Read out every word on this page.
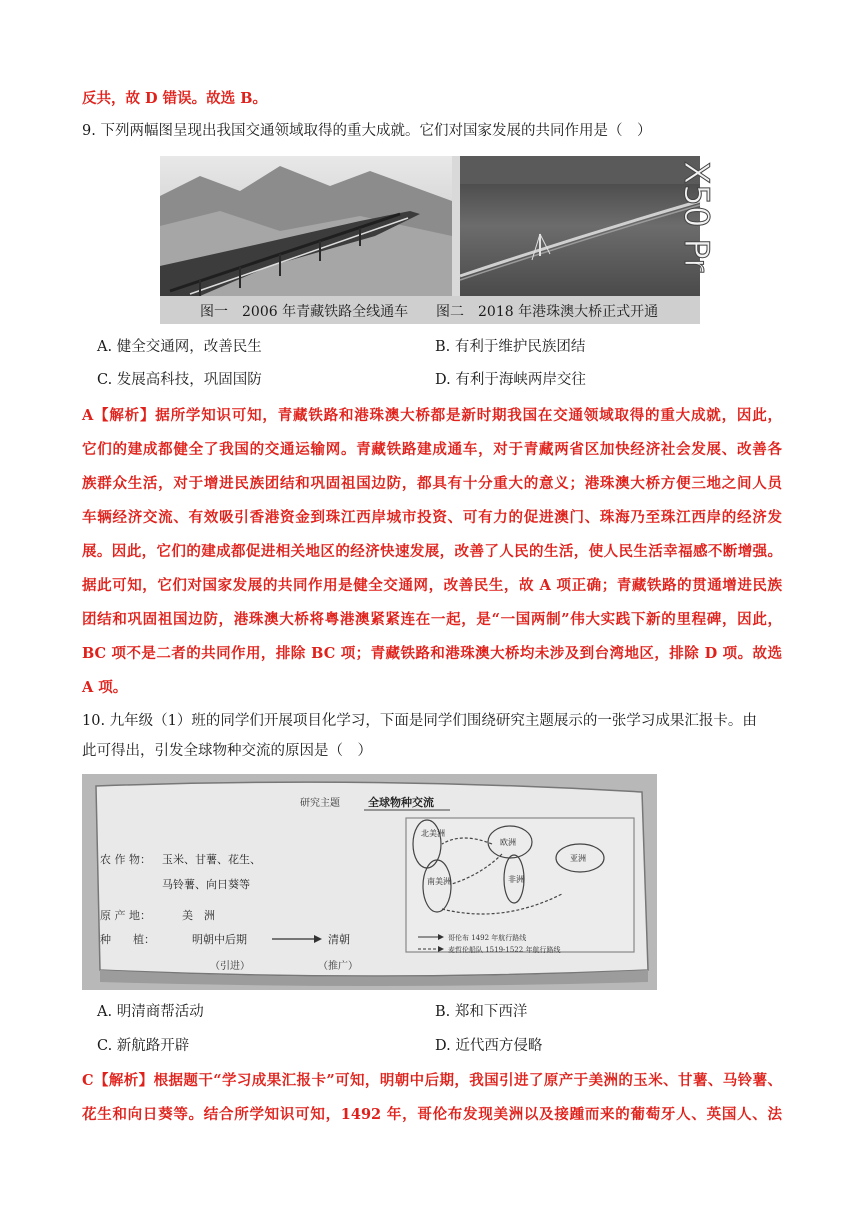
反共，故 D 错误。故选 B。
9. 下列两幅图呈现出我国交通领域取得的重大成就。它们对国家发展的共同作用是（　）
X50 Pr
图一　2006 年青藏铁路全线通车 图二　2018 年港珠澳大桥正式开通
A. 健全交通网，改善民生	B. 有利于维护民族团结
C. 发展高科技，巩固国防	D. 有利于海峡两岸交往
A【解析】据所学知识可知，青藏铁路和港珠澳大桥都是新时期我国在交通领域取得的重大成就，因此，
它们的建成都健全了我国的交通运输网。青藏铁路建成通车，对于青藏两省区加快经济社会发展、改善各
族群众生活，对于增进民族团结和巩固祖国边防，都具有十分重大的意义；港珠澳大桥方便三地之间人员
车辆经济交流、有效吸引香港资金到珠江西岸城市投资、可有力的促进澳门、珠海乃至珠江西岸的经济发
展。因此，它们的建成都促进相关地区的经济快速发展，改善了人民的生活，使人民生活幸福感不断增强。
据此可知，它们对国家发展的共同作用是健全交通网，改善民生，故 A 项正确；青藏铁路的贯通增进民族
团结和巩固祖国边防，港珠澳大桥将粤港澳紧紧连在一起，是“一国两制”伟大实践下新的里程碑，因此，
BC 项不是二者的共同作用，排除 BC 项；青藏铁路和港珠澳大桥均未涉及到台湾地区，排除 D 项。故选
A 项。
10. 九年级（1）班的同学们开展项目化学习，下面是同学们围绕研究主题展示的一张学习成果汇报卡。由
此可得出，引发全球物种交流的原因是（　）
研究主题	全球物种交流
农 作 物： 玉米、甘薯、花生、
马铃薯、向日葵等
原 产 地：	美　洲
种　　植：	明朝中后期	清朝
（引进）	（推广）
北美洲
欧洲
南美洲
亚洲
非洲
哥伦布 1492 年航行路线
麦哲伦船队 1519-1522 年航行路线
A. 明清商帮活动	B. 郑和下西洋
C. 新航路开辟	D. 近代西方侵略
C【解析】根据题干“学习成果汇报卡”可知，明朝中后期，我国引进了原产于美洲的玉米、甘薯、马铃薯、
花生和向日葵等。结合所学知识可知，1492 年，哥伦布发现美洲以及接踵而来的葡萄牙人、英国人、法
